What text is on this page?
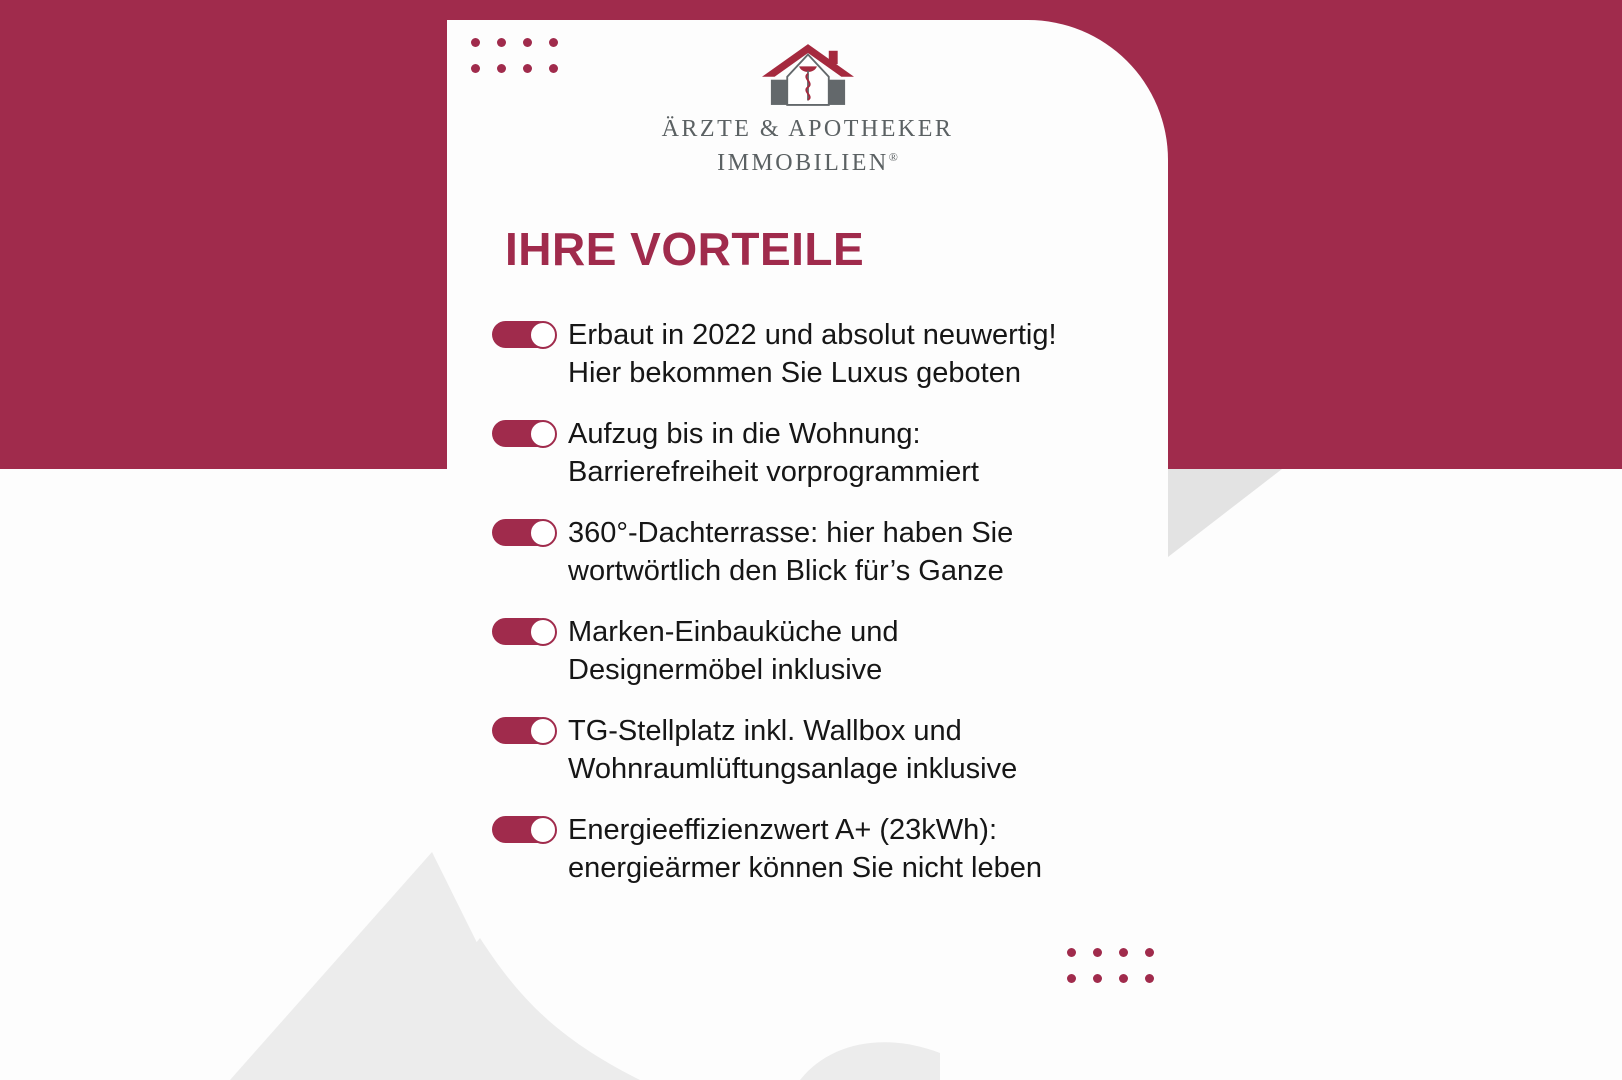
ÄRZTE & APOTHEKER
IMMOBILIEN®
IHRE VORTEILE
Erbaut in 2022 und absolut neuwertig!
Hier bekommen Sie Luxus geboten
Aufzug bis in die Wohnung:
Barrierefreiheit vorprogrammiert
360°-Dachterrasse: hier haben Sie
wortwörtlich den Blick für’s Ganze
Marken-Einbauküche und
Designermöbel inklusive
TG-Stellplatz inkl. Wallbox und
Wohnraumlüftungsanlage inklusive
Energieeffizienzwert A+ (23kWh):
energieärmer können Sie nicht leben
